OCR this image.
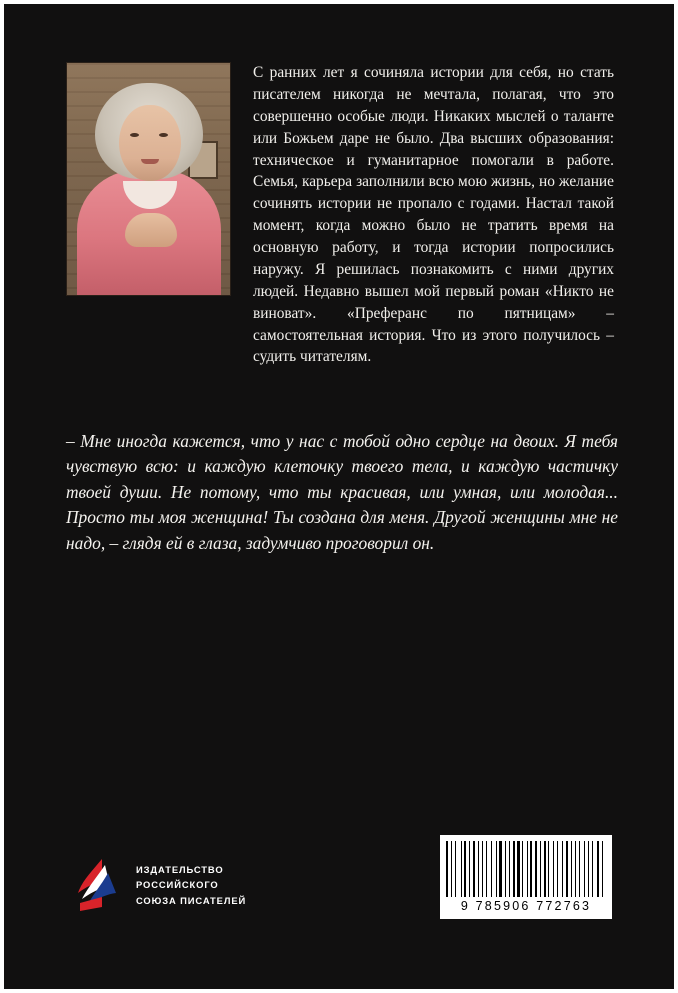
С ранних лет я сочиняла истории для себя, но стать писателем никогда не мечтала, полагая, что это совершенно особые люди. Никаких мыслей о таланте или Божьем даре не было. Два высших образования: техническое и гуманитарное помогали в работе. Семья, карьера заполнили всю мою жизнь, но желание сочинять истории не пропало с годами. Настал такой момент, когда можно было не тратить время на основную работу, и тогда истории попросились наружу. Я решилась познакомить с ними других людей. Недавно вышел мой первый роман «Никто не виноват». «Преферанс по пятницам» – самостоятельная история. Что из этого получилось – судить читателям.
– Мне иногда кажется, что у нас с тобой одно сердце на двоих. Я тебя чувствую всю: и каждую клеточку твоего тела, и каждую частичку твоей души. Не потому, что ты красивая, или умная, или молодая... Просто ты моя женщина! Ты создана для меня. Другой женщины мне не надо, – глядя ей в глаза, задумчиво проговорил он.
ИЗДАТЕЛЬСТВО
РОССИЙСКОГО
СОЮЗА ПИСАТЕЛЕЙ	9 785906 772763
